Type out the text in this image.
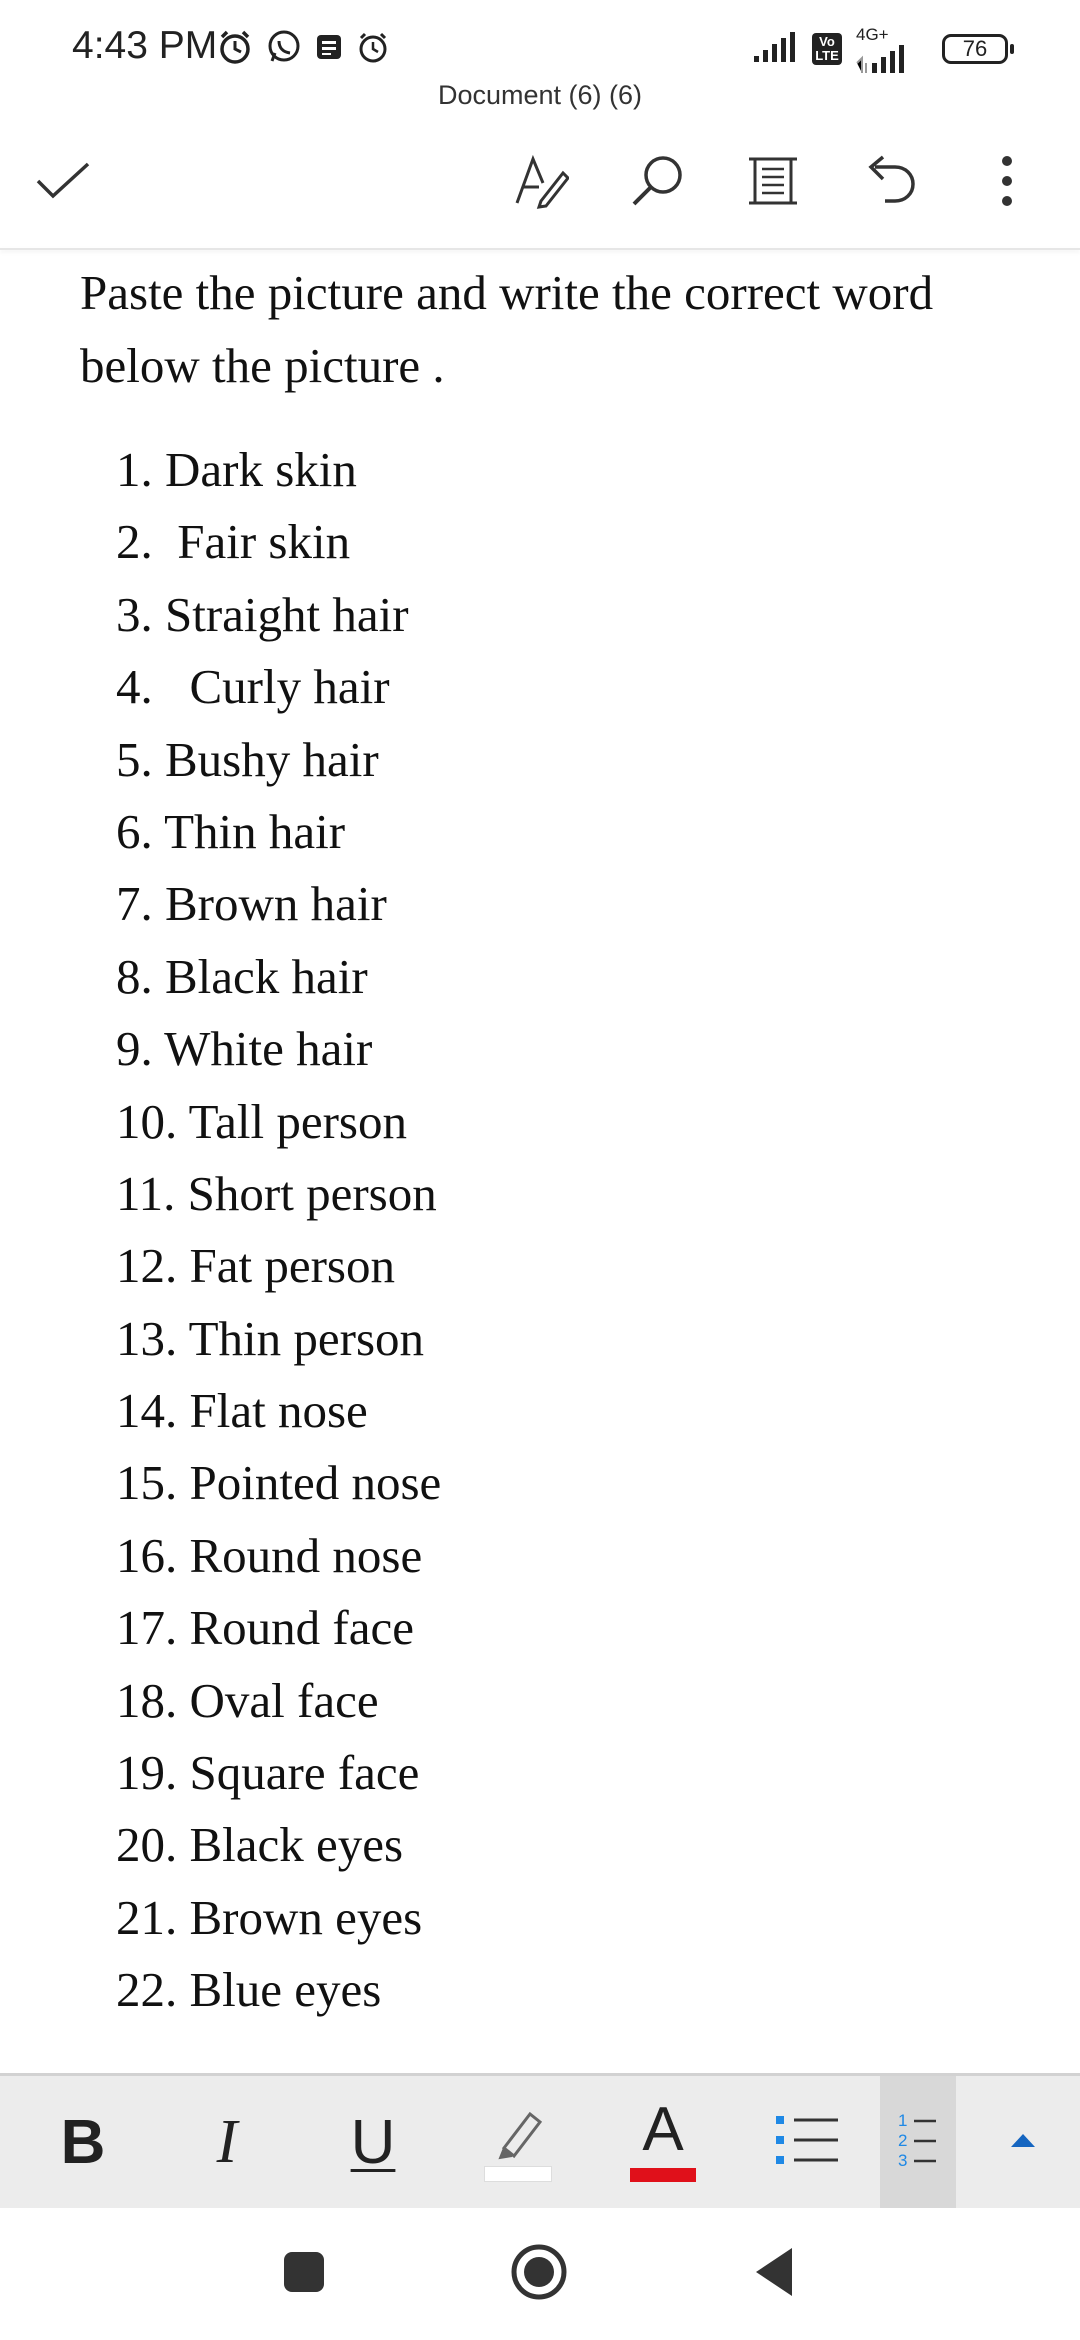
4:43 PM	Vo LTE
4G+
76
Document (6) (6)
Paste the picture and write the correct word below the picture .
1. Dark skin
2.  Fair skin
3. Straight hair
4.   Curly hair
5. Bushy hair
6. Thin hair
7. Brown hair
8. Black hair
9. White hair
10. Tall person
11. Short person
12. Fat person
13. Thin person
14. Flat nose
15. Pointed nose
16. Round nose
17. Round face
18. Oval face
19. Square face
20. Black eyes
21. Brown eyes
22. Blue eyes
B	I	U	A	1
2
3
